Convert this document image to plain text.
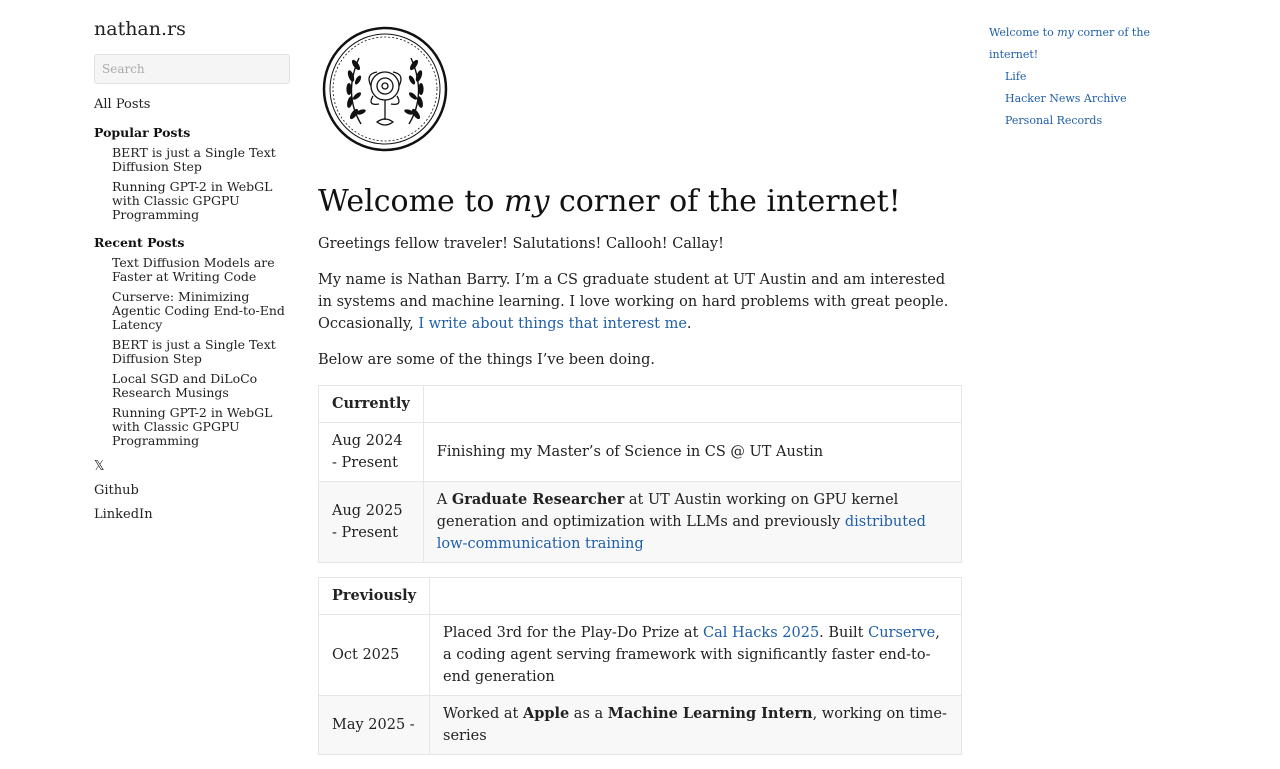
nathan.rs
Search
All Posts
Popular Posts
BERT is just a Single Text Diffusion Step
Running GPT-2 in WebGL with Classic GPGPU Programming
Recent Posts
Text Diffusion Models are Faster at Writing Code
Curserve: Minimizing Agentic Coding End-to-End Latency
BERT is just a Single Text Diffusion Step
Local SGD and DiLoCo Research Musings
Running GPT-2 in WebGL with Classic GPGPU Programming
𝕏
Github
LinkedIn
Welcome to my corner of the internet!

Greetings fellow traveler! Salutations! Callooh! Callay!

My name is Nathan Barry. I’m a CS graduate student at UT Austin and am interested in systems and machine learning. I love working on hard problems with great people. Occasionally, I write about things that interest me.

Below are some of the things I’ve been doing.

Currently	
Aug 2024 - Present	Finishing my Master’s of Science in CS @ UT Austin
Aug 2025 - Present	A Graduate Researcher at UT Austin working on GPU kernel generation and optimization with LLMs and previously distributed low-communication training
Previously	
Oct 2025	Placed 3rd for the Play-Do Prize at Cal Hacks 2025. Built Curserve, a coding agent serving framework with significantly faster end-to-end generation
May 2025 -	Worked at Apple as a Machine Learning Intern, working on time-series
Welcome to my corner of the internet!
Life
Hacker News Archive
Personal Records
